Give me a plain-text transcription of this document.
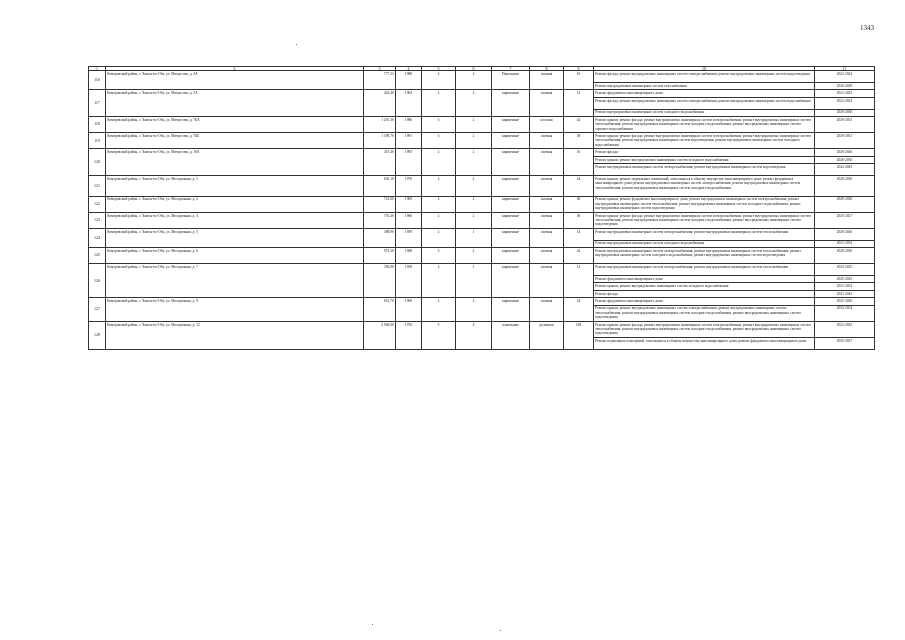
1343
1	2	3	4	5	6	7	8	9	10	11
116	Кемеровский район, г. Ханты-по-Обь, ул. Матросова, д. 4А	777,33	1988	2	2	Панельные	скатная	16	Ремонт фасада; ремонт внутридомовых инженерных систем электроснабжения; ремонт внутридомовых инженерных систем водоотведения	2022-2024
									Ремонт внутридомовых инженерных систем газоснабжения	2026-2028
117	Кемеровский район, г. Ханты-по-Обь, ул. Матросова, д. 5А	422,40	1962	2	2	кирпичные	скатная	12	Ремонт фундамента многоквартирного дома	2021-2022
									Ремонт фасада; ремонт внутридомовых инженерных систем электроснабжения; ремонт внутридомовых инженерных систем водоснабжения	2022-2024
									Ремонт внутридомовых инженерных систем холодного водоснабжения	2026-2030
118	Кемеровский район, г. Ханты-по-Обь, ул. Матросова, д. 7БА	1 201,30	1986	3	2	кирпичные	плоская	42	Ремонт крыши; ремонт фасада; ремонт внутридомовых инженерных систем электроснабжения; ремонт внутридомовых инженерных систем теплоснабжения; ремонт внутридомовых инженерных систем холодного водоснабжения; ремонт внутридомовых инженерных систем горячего водоснабжения	2029-2031
119	Кемеровский район, г. Ханты-по-Обь, ул. Матросова, д. 7ББ	1 189,70	1991	3	2	кирпичные	скатная	38	Ремонт крыши; ремонт фасада; ремонт внутридомовых инженерных систем электроснабжения; ремонт внутридомовых инженерных систем теплоснабжения; ремонт внутридомовых инженерных систем водоотведения; ремонт внутридомовых инженерных систем холодного водоснабжения	2029-2031
120	Кемеровский район, г. Ханты-по-Обь, ул. Матросова, д. 10А	415,40	1993	2	2	кирпичные	скатная	16	Ремонт фасада	2026-2026
									Ремонт крыши; ремонт внутридомовых инженерных систем холодного водоснабжения	2026-2030
									Ремонт внутридомовых инженерных систем электроснабжения; ремонт внутридомовых инженерных систем водоотведения	2042-2043
121	Кемеровский район, г. Ханты-по-Обь, ул. Молодежная, д. 1	630,10	1970	2	2	кирпичные	скатная	24	Ремонт крыши; ремонт подвальных помещений, относящихся к общему имуществу многоквартирного дома; ремонт фундамента многоквартирного дома; ремонт внутридомовых инженерных систем электроснабжения; ремонт внутридомовых инженерных систем теплоснабжения; ремонт внутридомовых инженерных систем холодного водоснабжения	2028-2030
122	Кемеровский район, г. Ханты-по-Обь, ул. Молодежная, д. 2	741,60	1965	2	2	кирпичные	скатная	40	Ремонт крыши; ремонт фундамента многоквартирного дома; ремонт внутридомовых инженерных систем электроснабжения; ремонт внутридомовых инженерных систем теплоснабжения; ремонт внутридомовых инженерных систем холодного водоснабжения; ремонт внутридомовых инженерных систем водоотведения	2028-2030
123	Кемеровский район, г. Ханты-по-Обь, ул. Молодежная, д. 4	701,40	1966	2	2	кирпичные	скатная	30	Ремонт крыши; ремонт фасада; ремонт внутридомовых инженерных систем электроснабжения; ремонт внутридомовых инженерных систем теплоснабжения; ремонт внутридомовых инженерных систем холодного водоснабжения; ремонт внутридомовых инженерных систем водоотведения	2025-2027
124	Кемеровский район, г. Ханты-по-Обь, ул. Молодежная, д. 5	388,90	1959	2	1	кирпичные	скатная	14	Ремонт внутридомовых инженерных систем электроснабжения; ремонт внутридомовых инженерных систем теплоснабжения	2026-2026
									Ремонт внутридомовых инженерных систем холодного водоснабжения	2031-2032
125	Кемеровский район, г. Ханты-по-Обь, ул. Молодежная, д. 6	974,30	1968	3	2	кирпичные	скатная	42	Ремонт внутридомовых инженерных систем электроснабжения; ремонт внутридомовых инженерных систем теплоснабжения; ремонт внутридомовых инженерных систем холодного водоснабжения; ремонт внутридомовых инженерных систем водоотведения	2028-2030
126	Кемеровский район, г. Ханты-по-Обь, ул. Молодежная, д. 7	356,00	1959	2	1	кирпичные	скатная	12	Ремонт внутридомовых инженерных систем электроснабжения; ремонт внутридомовых инженерных систем теплоснабжения	2023-2025
									Ремонт фундамента многоквартирного дома	2025-2025
									Ремонт крыши; ремонт внутридомовых инженерных систем холодного водоснабжения	2031-2032
									Ремонт фасада	2041-2043
127	Кемеровский район, г. Ханты-по-Обь, ул. Молодежная, д. 9	651,70	1960	2	2	кирпичные	скатная	24	Ремонт фундамента многоквартирного дома	2025-2026
									Ремонт крыши; ремонт внутридомовых инженерных систем электроснабжения; ремонт внутридомовых инженерных систем теплоснабжения; ремонт внутридомовых инженерных систем холодного водоснабжения; ремонт внутридомовых инженерных систем водоотведения	2032-2034
128	Кемеровский район, г. Ханты-по-Обь, ул. Молодежная, д. 12	2 948,00	1976	5	4	панельные	рулонная	148	Ремонт крыши; ремонт фасада; ремонт внутридомовых инженерных систем электроснабжения; ремонт внутридомовых инженерных систем теплоснабжения; ремонт внутридомовых инженерных систем холодного водоснабжения; ремонт внутридомовых инженерных систем водоотведения	2022-2025
									Ремонт подвальных помещений, относящихся к общему имуществу многоквартирного дома; ремонт фундамента многоквартирного дома	2035-2037
